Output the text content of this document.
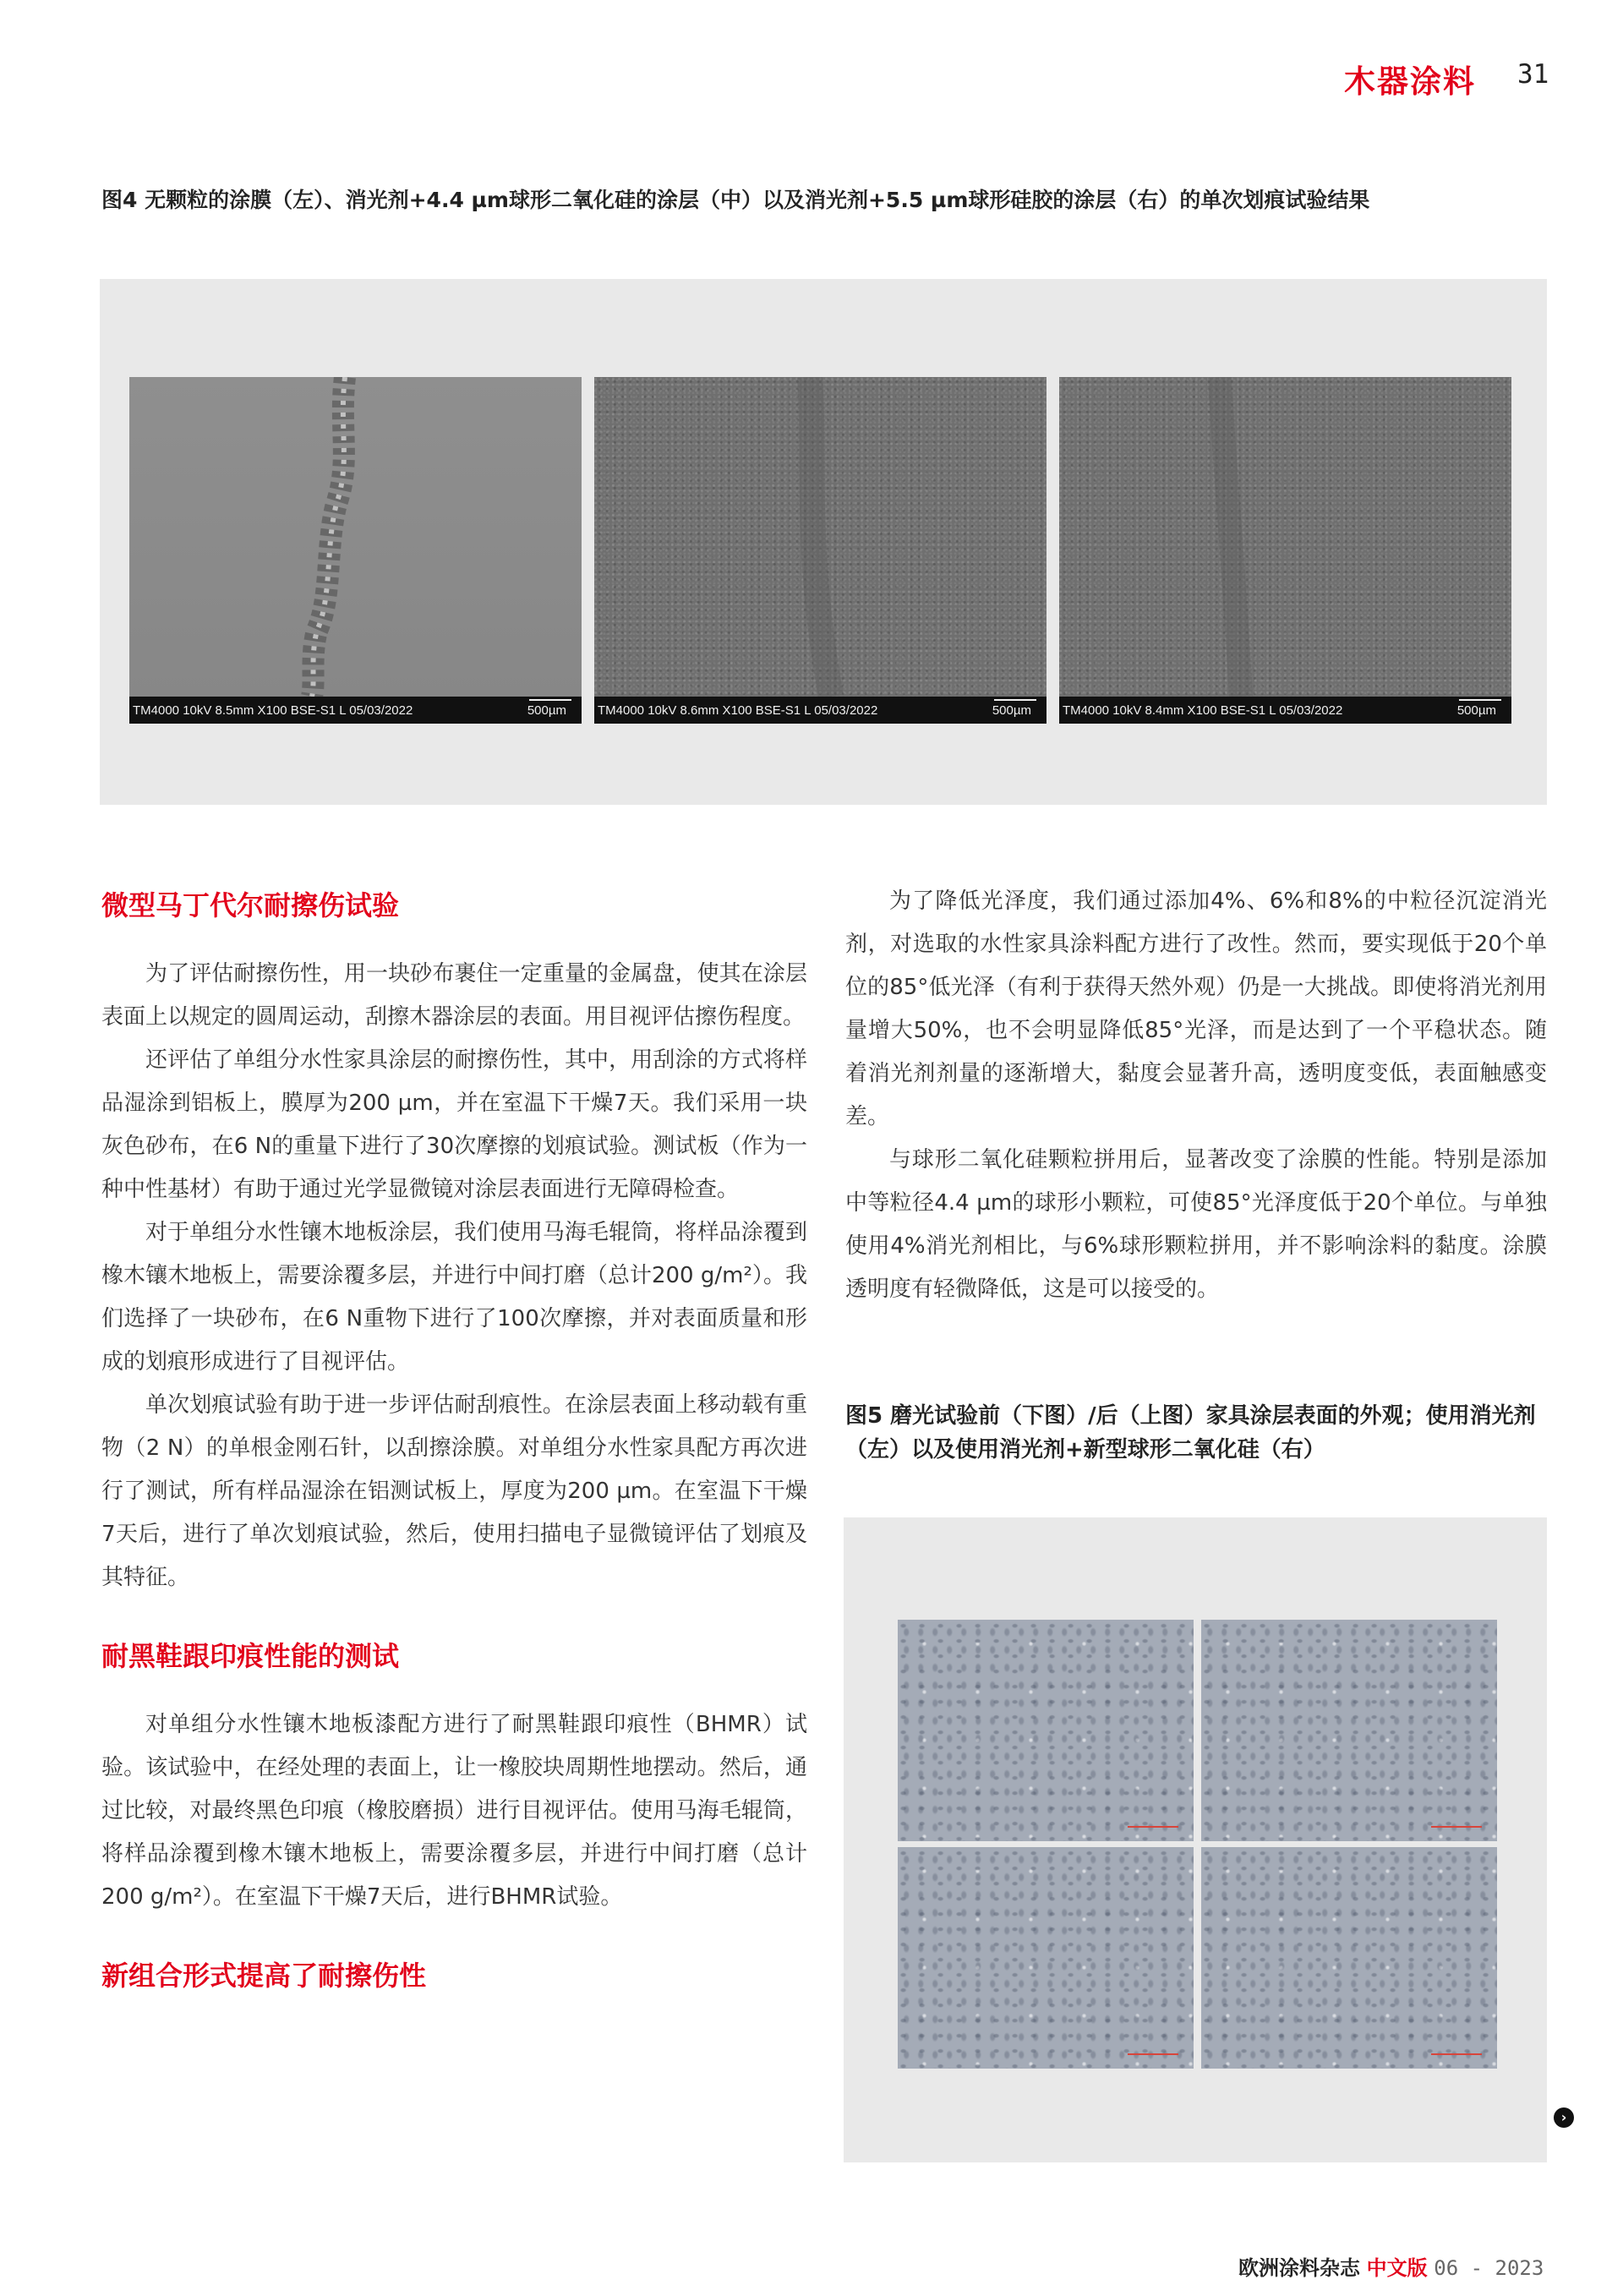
木器涂料 31
图4 无颗粒的涂膜（左）、消光剂+4.4 µm球形二氧化硅的涂层（中）以及消光剂+5.5 µm球形硅胶的涂层（右）的单次划痕试验结果
TM4000 10kV 8.5mm X100 BSE-S1 L 05/03/2022	500µm TM4000 10kV 8.6mm X100 BSE-S1 L 05/03/2022	500µm TM4000 10kV 8.4mm X100 BSE-S1 L 05/03/2022	500µm
微型马丁代尔耐擦伤试验

为了评估耐擦伤性，用一块砂布裹住一定重量的金属盘，使其在涂层表面上以规定的圆周运动，刮擦木器涂层的表面。用目视评估擦伤程度。

还评估了单组分水性家具涂层的耐擦伤性，其中，用刮涂的方式将样品湿涂到铝板上，膜厚为200 µm，并在室温下干燥7天。我们采用一块灰色砂布，在6 N的重量下进行了30次摩擦的划痕试验。测试板（作为一种中性基材）有助于通过光学显微镜对涂层表面进行无障碍检查。

对于单组分水性镶木地板涂层，我们使用马海毛辊筒，将样品涂覆到橡木镶木地板上，需要涂覆多层，并进行中间打磨（总计200 g/m²）。我们选择了一块砂布，在6 N重物下进行了100次摩擦，并对表面质量和形成的划痕形成进行了目视评估。

单次划痕试验有助于进一步评估耐刮痕性。在涂层表面上移动载有重物（2 N）的单根金刚石针，以刮擦涂膜。对单组分水性家具配方再次进行了测试，所有样品湿涂在铝测试板上，厚度为200 µm。在室温下干燥7天后，进行了单次划痕试验，然后，使用扫描电子显微镜评估了划痕及其特征。

耐黑鞋跟印痕性能的测试

对单组分水性镶木地板漆配方进行了耐黑鞋跟印痕性（BHMR）试验。该试验中，在经处理的表面上，让一橡胶块周期性地摆动。然后，通过比较，对最终黑色印痕（橡胶磨损）进行目视评估。使用马海毛辊筒，将样品涂覆到橡木镶木地板上，需要涂覆多层，并进行中间打磨（总计200 g/m²）。在室温下干燥7天后，进行BHMR试验。

新组合形式提高了耐擦伤性

为了降低光泽度，我们通过添加4%、6%和8%的中粒径沉淀消光剂，对选取的水性家具涂料配方进行了改性。然而，要实现低于20个单位的85°低光泽（有利于获得天然外观）仍是一大挑战。即使将消光剂用量增大50%，也不会明显降低85°光泽，而是达到了一个平稳状态。随着消光剂剂量的逐渐增大，黏度会显著升高，透明度变低，表面触感变差。

与球形二氧化硅颗粒拼用后，显著改变了涂膜的性能。特别是添加中等粒径4.4 µm的球形小颗粒，可使85°光泽度低于20个单位。与单独使用4%消光剂相比，与6%球形颗粒拼用，并不影响涂料的黏度。涂膜透明度有轻微降低，这是可以接受的。

图5 磨光试验前（下图）/后（上图）家具涂层表面的外观；使用消光剂（左）以及使用消光剂+新型球形二氧化硅（右）
›
欧洲涂料杂志 中文版 06 - 2023
